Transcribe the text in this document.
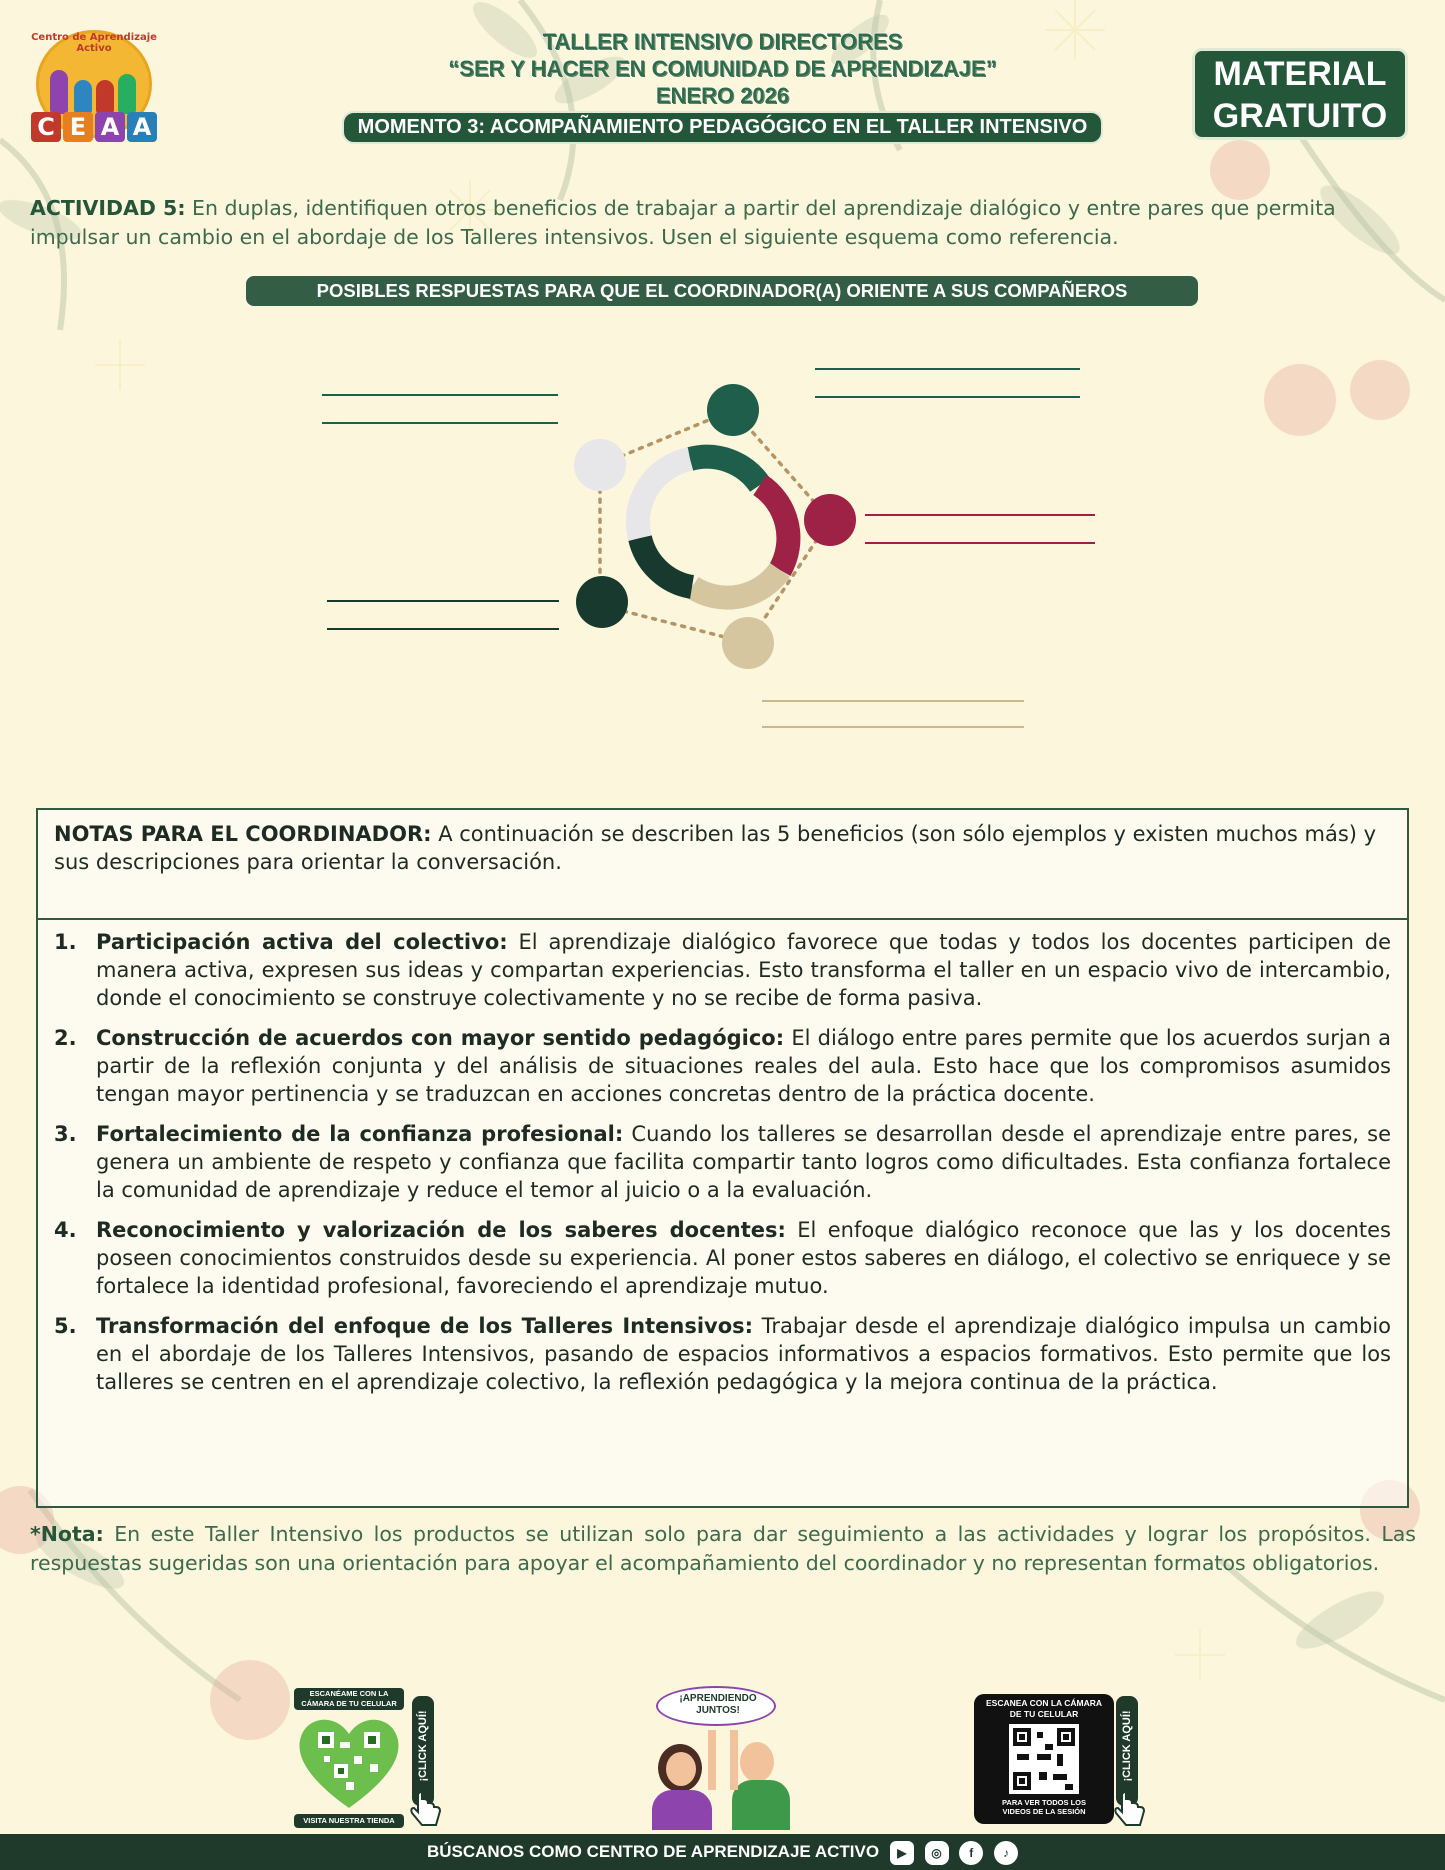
Centro de Aprendizaje Activo
C E A A
TALLER INTENSIVO DIRECTORES
“SER Y HACER EN COMUNIDAD DE APRENDIZAJE”
ENERO 2026
MOMENTO 3: ACOMPAÑAMIENTO PEDAGÓGICO EN EL TALLER INTENSIVO
MATERIAL
GRATUITO
ACTIVIDAD 5: En duplas, identifiquen otros beneficios de trabajar a partir del aprendizaje dialógico y entre pares que permita impulsar un cambio en el abordaje de los Talleres intensivos. Usen el siguiente esquema como referencia.
POSIBLES RESPUESTAS PARA QUE EL COORDINADOR(A) ORIENTE A SUS COMPAÑEROS
NOTAS PARA EL COORDINADOR: A continuación se describen las 5 beneficios (son sólo ejemplos y existen muchos más) y sus descripciones para orientar la conversación.
1. Participación activa del colectivo: El aprendizaje dialógico favorece que todas y todos los docentes participen de manera activa, expresen sus ideas y compartan experiencias. Esto transforma el taller en un espacio vivo de intercambio, donde el conocimiento se construye colectivamente y no se recibe de forma pasiva.
2. Construcción de acuerdos con mayor sentido pedagógico: El diálogo entre pares permite que los acuerdos surjan a partir de la reflexión conjunta y del análisis de situaciones reales del aula. Esto hace que los compromisos asumidos tengan mayor pertinencia y se traduzcan en acciones concretas dentro de la práctica docente.
3. Fortalecimiento de la confianza profesional: Cuando los talleres se desarrollan desde el aprendizaje entre pares, se genera un ambiente de respeto y confianza que facilita compartir tanto logros como dificultades. Esta confianza fortalece la comunidad de aprendizaje y reduce el temor al juicio o a la evaluación.
4. Reconocimiento y valorización de los saberes docentes: El enfoque dialógico reconoce que las y los docentes poseen conocimientos construidos desde su experiencia. Al poner estos saberes en diálogo, el colectivo se enriquece y se fortalece la identidad profesional, favoreciendo el aprendizaje mutuo.
5. Transformación del enfoque de los Talleres Intensivos: Trabajar desde el aprendizaje dialógico impulsa un cambio en el abordaje de los Talleres Intensivos, pasando de espacios informativos a espacios formativos. Esto permite que los talleres se centren en el aprendizaje colectivo, la reflexión pedagógica y la mejora continua de la práctica.
*Nota: En este Taller Intensivo los productos se utilizan solo para dar seguimiento a las actividades y lograr los propósitos. Las respuestas sugeridas son una orientación para apoyar el acompañamiento del coordinador y no representan formatos obligatorios.
ESCANÉAME CON LA CÁMARA DE TU CELULAR
VISITA NUESTRA TIENDA
¡CLICK AQUÍ!
¡APRENDIENDO JUNTOS!
ESCANEA CON LA CÁMARA DE TU CELULAR
PARA VER TODOS LOS VIDEOS DE LA SESIÓN
¡CLICK AQUÍ!
BÚSCANOS COMO CENTRO DE APRENDIZAJE ACTIVO ▶ ◎ f ♪
